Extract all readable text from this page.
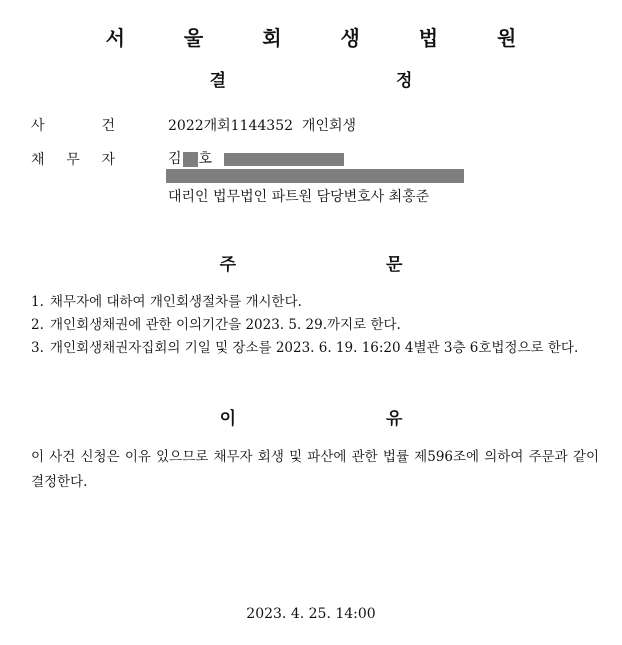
서 울 회 생 법 원
결 정
사	건	2022개회1144352  개인회생
채 무 자	김 호
대리인 법무법인 파트원 담당변호사 최홍준
주 문
1. 채무자에 대하여 개인회생절차를 개시한다.
2. 개인회생채권에 관한 이의기간을 2023. 5. 29.까지로 한다.
3. 개인회생채권자집회의 기일 및 장소를 2023. 6. 19. 16:20 4별관 3층 6호법정으로 한다.
이 유
이 사건 신청은 이유 있으므로 채무자 회생 및 파산에 관한 법률 제596조에 의하여 주문과 같이 결정한다.
2023. 4. 25. 14:00
